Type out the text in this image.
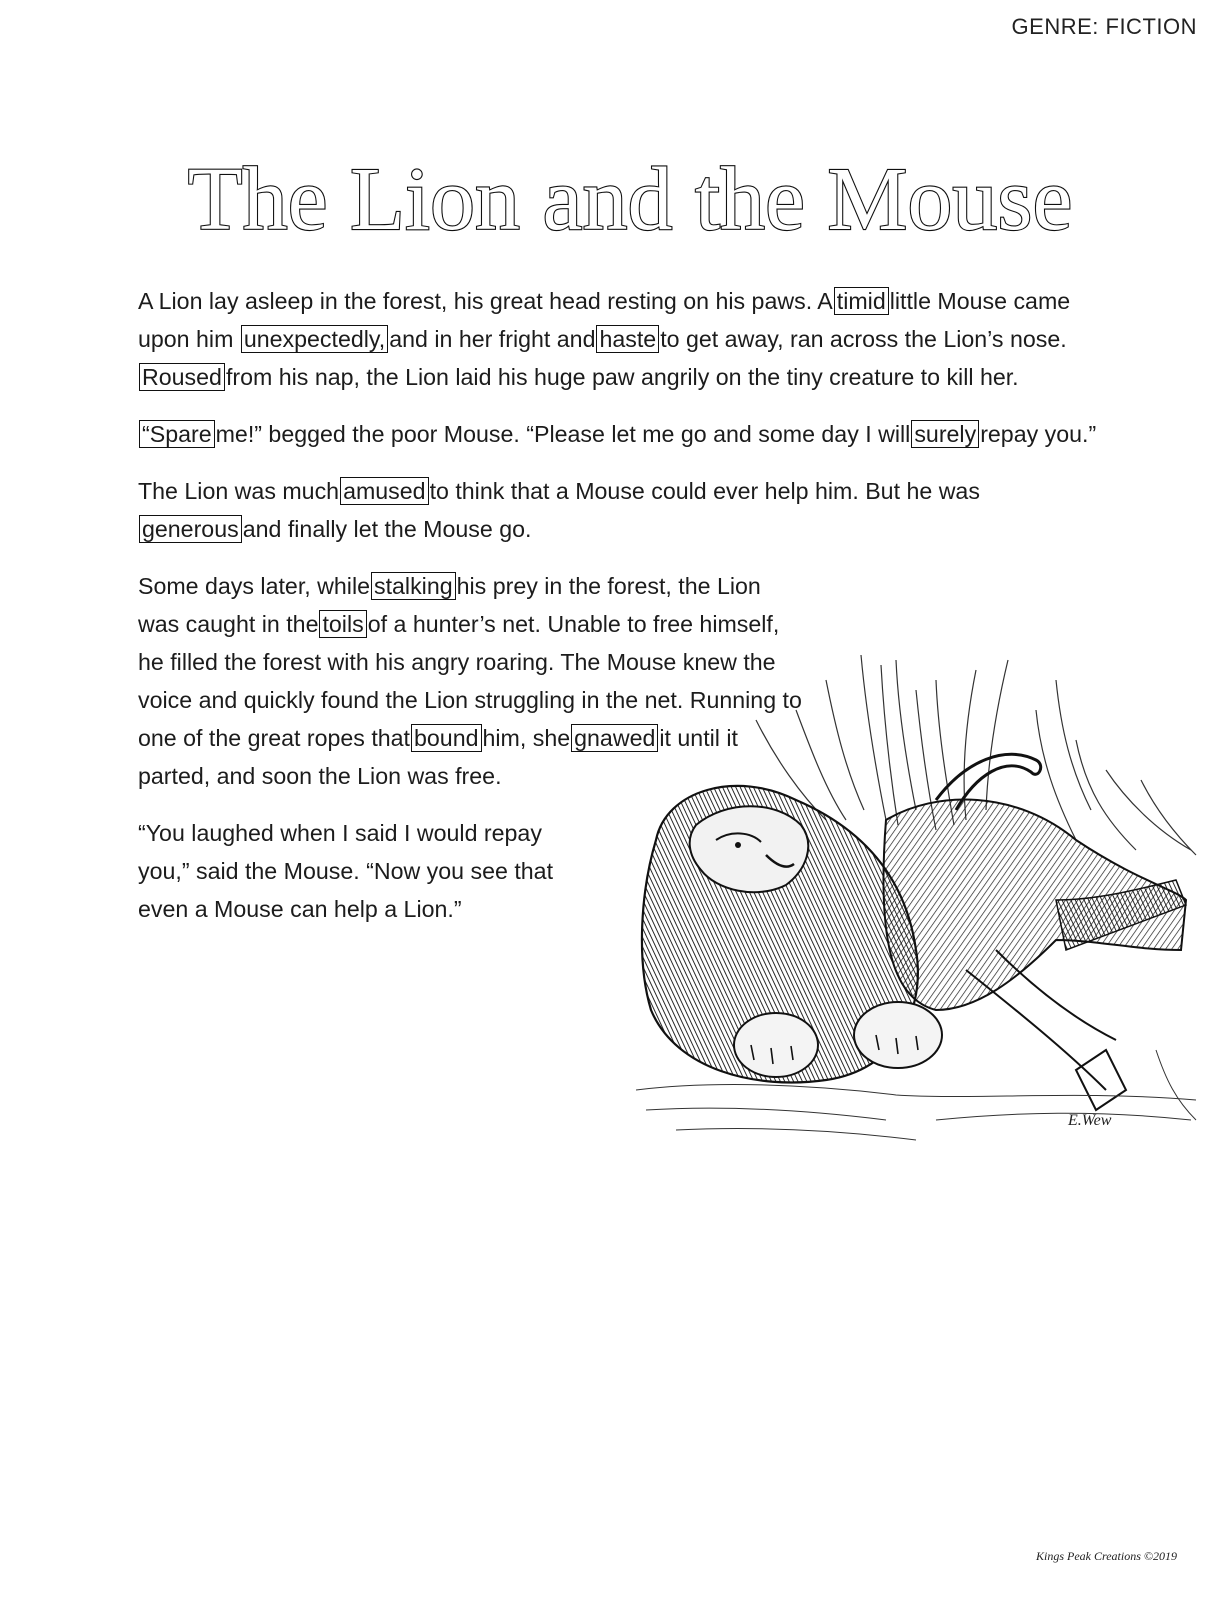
GENRE: FICTION
The Lion and the Mouse

A Lion lay asleep in the forest, his great head resting on his paws. A timid little Mouse came upon him unexpectedly, and in her fright and haste to get away, ran across the Lion’s nose. Roused from his nap, the Lion laid his huge paw angrily on the tiny creature to kill her.

“Spare me!” begged the poor Mouse. “Please let me go and some day I will surely repay you.”

The Lion was much amused to think that a Mouse could ever help him. But he was generous and finally let the Mouse go.

Some days later, while stalking his prey in the forest, the Lion was caught in the toils of a hunter’s net. Unable to free himself, he filled the forest with his angry roaring. The Mouse knew the voice and quickly found the Lion struggling in the net. Running to one of the great ropes that bound him, she gnawed it until it parted, and soon the Lion was free.

“You laughed when I said I would repay you,” said the Mouse. “Now you see that even a Mouse can help a Lion.”

E.Wew
Kings Peak Creations ©2019
